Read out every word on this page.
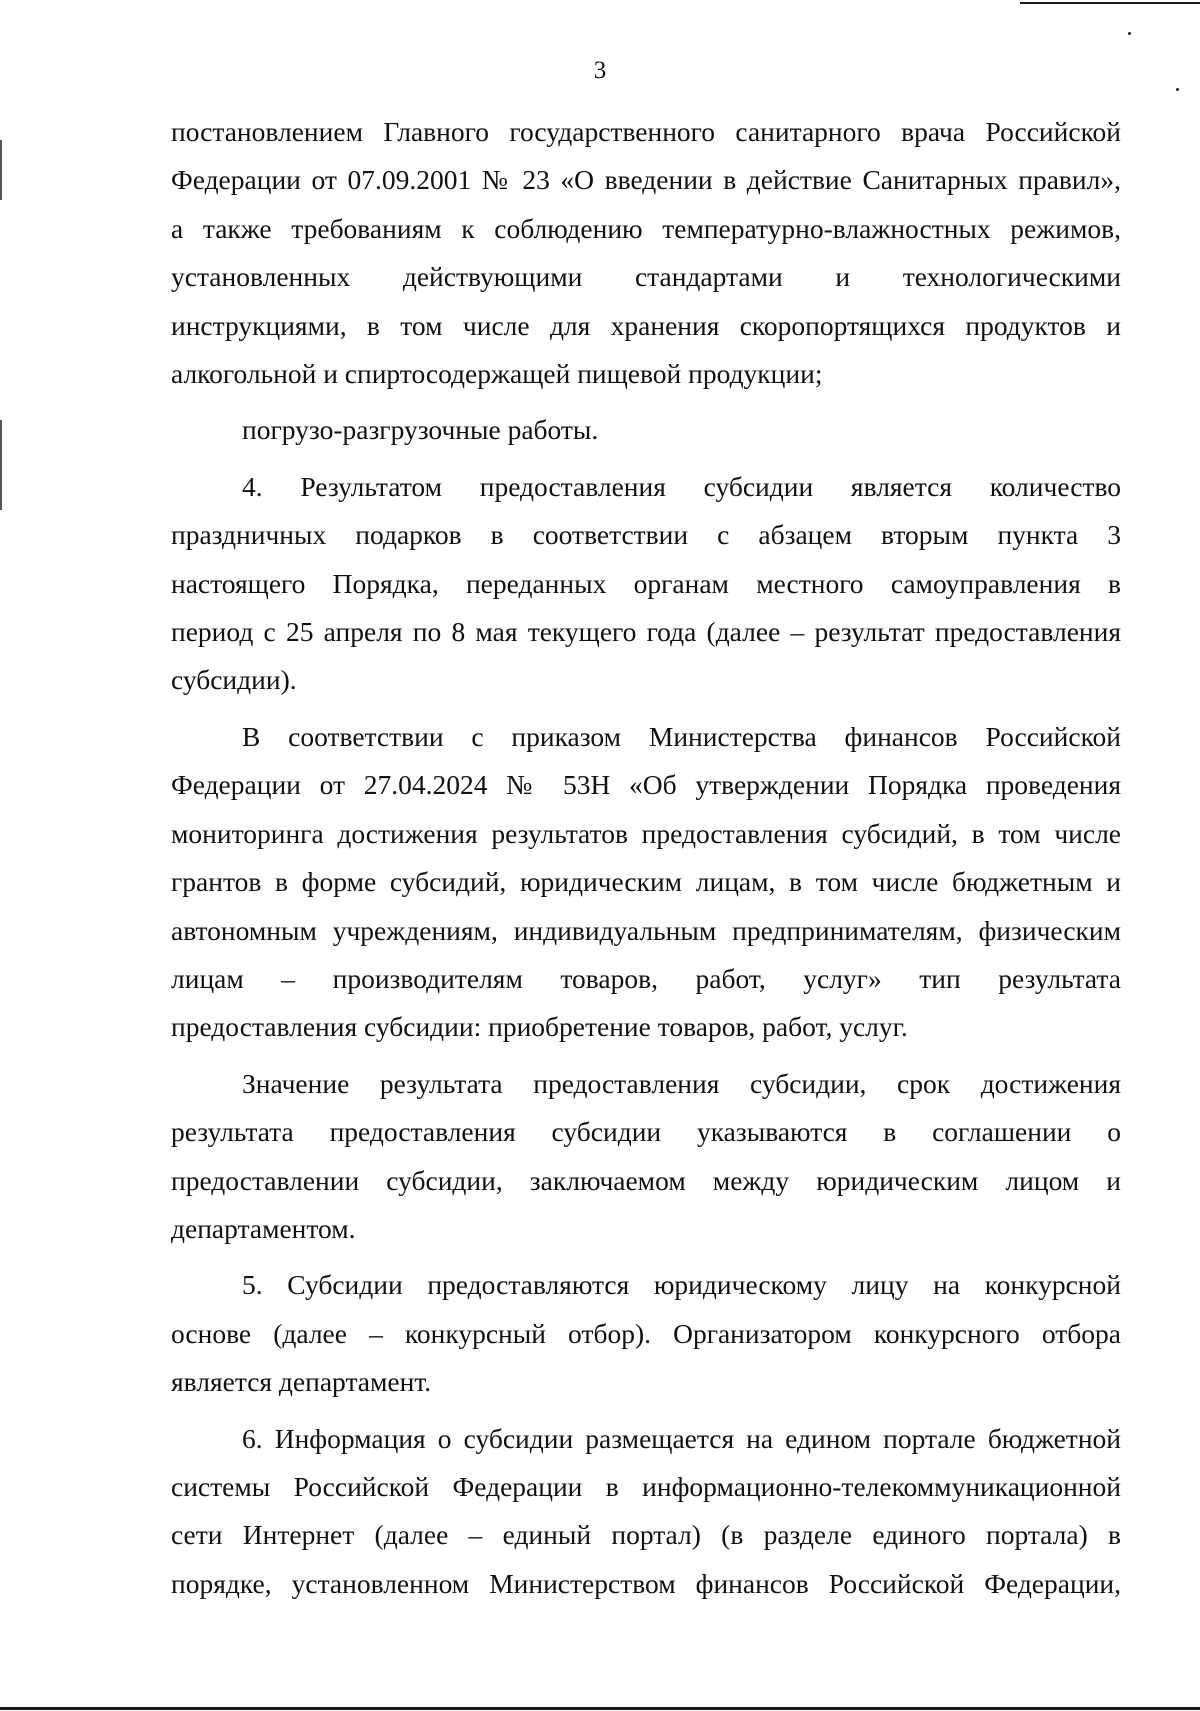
3
постановлением Главного государственного санитарного врача Российской
Федерации от 07.09.2001 № 23 «О введении в действие Санитарных правил»,
а также требованиям к соблюдению температурно-влажностных режимов,
установленных действующими стандартами и технологическими
инструкциями, в том числе для хранения скоропортящихся продуктов и
алкогольной и спиртосодержащей пищевой продукции;
погрузо-разгрузочные работы.
4. Результатом предоставления субсидии является количество
праздничных подарков в соответствии с абзацем вторым пункта 3
настоящего Порядка, переданных органам местного самоуправления в
период с 25 апреля по 8 мая текущего года (далее – результат предоставления
субсидии).
В соответствии с приказом Министерства финансов Российской
Федерации от 27.04.2024 № 53Н «Об утверждении Порядка проведения
мониторинга достижения результатов предоставления субсидий, в том числе
грантов в форме субсидий, юридическим лицам, в том числе бюджетным и
автономным учреждениям, индивидуальным предпринимателям, физическим
лицам – производителям товаров, работ, услуг» тип результата
предоставления субсидии: приобретение товаров, работ, услуг.
Значение результата предоставления субсидии, срок достижения
результата предоставления субсидии указываются в соглашении о
предоставлении субсидии, заключаемом между юридическим лицом и
департаментом.
5. Субсидии предоставляются юридическому лицу на конкурсной
основе (далее – конкурсный отбор). Организатором конкурсного отбора
является департамент.
6. Информация о субсидии размещается на едином портале бюджетной
системы Российской Федерации в информационно-телекоммуникационной
сети Интернет (далее – единый портал) (в разделе единого портала) в
порядке, установленном Министерством финансов Российской Федерации,
